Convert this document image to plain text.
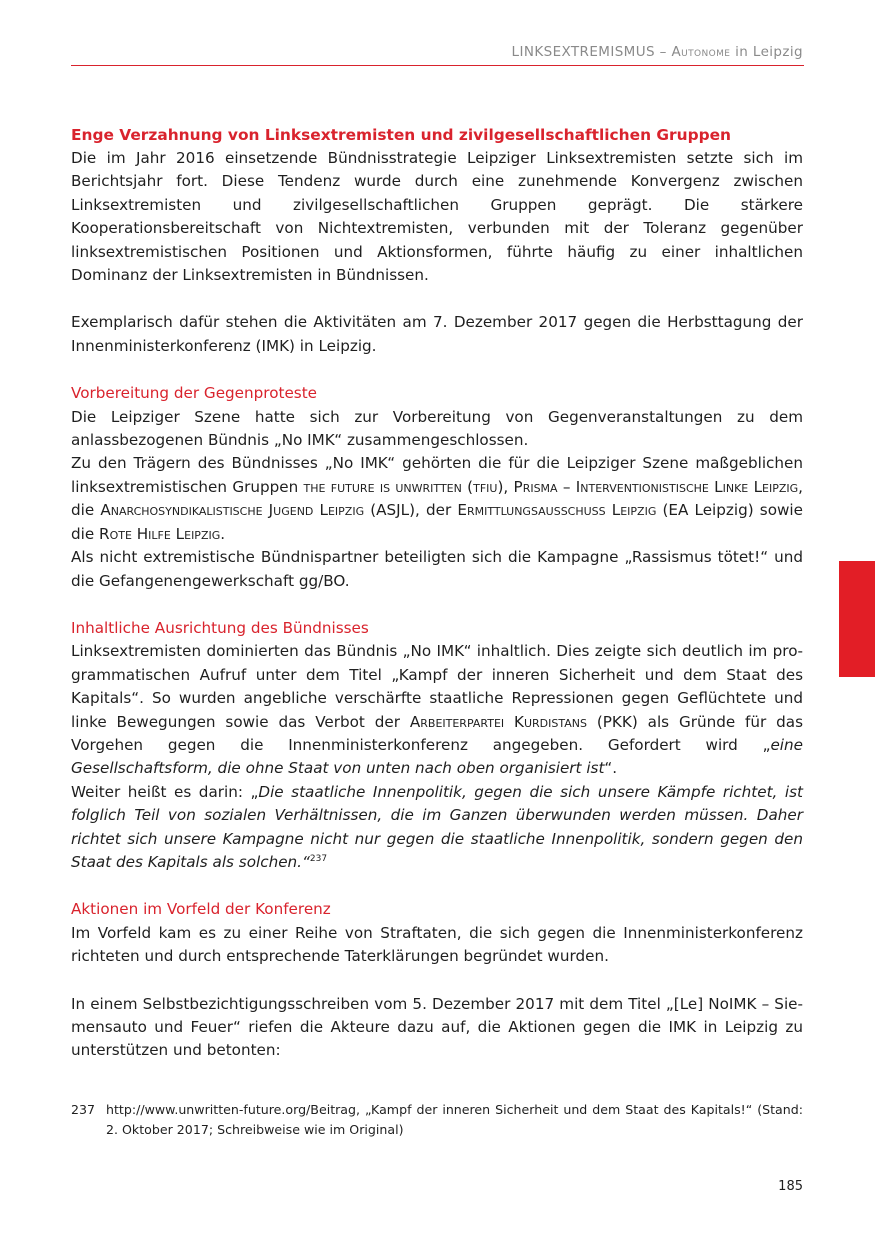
LINKSEXTREMISMUS – Autonome in Leipzig

Enge Verzahnung von Linksextremisten und zivilgesellschaftlichen Gruppen

Die im Jahr 2016 einsetzende Bündnisstrategie Leipziger Linksextremisten setzte sich im Berichtsjahr fort. Diese Tendenz wurde durch eine zunehmende Konvergenz zwischen Linksextremisten und zivilgesellschaftlichen Gruppen geprägt. Die stärkere Kooperationsbereitschaft von Nichtextremisten, verbunden mit der Toleranz gegenüber linksextremistischen Positionen und Aktionsformen, führte häufig zu einer inhaltlichen Dominanz der Linksextremisten in Bündnissen.

Exemplarisch dafür stehen die Aktivitäten am 7. Dezember 2017 gegen die Herbsttagung der Innenministerkonferenz (IMK) in Leipzig.

Vorbereitung der Gegenproteste

Die Leipziger Szene hatte sich zur Vorbereitung von Gegenveranstaltungen zu dem anlassbezogenen Bündnis „No IMK“ zusammengeschlossen.

Zu den Trägern des Bündnisses „No IMK“ gehörten die für die Leipziger Szene maßgeblichen linksextremistischen Gruppen the future is unwritten (tfiu), Prisma – Interventionistische Linke Leipzig, die Anarchosyndikalistische Jugend Leipzig (ASJL), der Ermittlungsausschuss Leipzig (EA Leipzig) sowie die Rote Hilfe Leipzig.

Als nicht extremistische Bündnispartner beteiligten sich die Kampagne „Rassismus tötet!“ und die Gefangenengewerkschaft gg/BO.

Inhaltliche Ausrichtung des Bündnisses

Linksextremisten dominierten das Bündnis „No IMK“ inhaltlich. Dies zeigte sich deutlich im programmatischen Aufruf unter dem Titel „Kampf der inneren Sicherheit und dem Staat des Kapitals“. So wurden angebliche verschärfte staatliche Repressionen gegen Geflüchtete und linke Bewegungen sowie das Verbot der Arbeiterpartei Kurdistans (PKK) als Gründe für das Vorgehen gegen die Innenministerkonferenz angegeben. Gefordert wird „eine Gesellschaftsform, die ohne Staat von unten nach oben organisiert ist“.

Weiter heißt es darin: „Die staatliche Innenpolitik, gegen die sich unsere Kämpfe richtet, ist folglich Teil von sozialen Verhältnissen, die im Ganzen überwunden werden müssen. Daher richtet sich unsere Kampagne nicht nur gegen die staatliche Innenpolitik, sondern gegen den Staat des Kapitals als solchen.“$^{237}$

Aktionen im Vorfeld der Konferenz

Im Vorfeld kam es zu einer Reihe von Straftaten, die sich gegen die Innenministerkonferenz richteten und durch entsprechende Taterklärungen begründet wurden.

In einem Selbstbezichtigungsschreiben vom 5. Dezember 2017 mit dem Titel „[Le] NoIMK – Siemensauto und Feuer“ riefen die Akteure dazu auf, die Aktionen gegen die IMK in Leipzig zu unterstützen und betonten:

237 http://www.unwritten-future.org/Beitrag, „Kampf der inneren Sicherheit und dem Staat des Kapitals!“ (Stand: 2. Oktober 2017; Schreibweise wie im Original)
185
